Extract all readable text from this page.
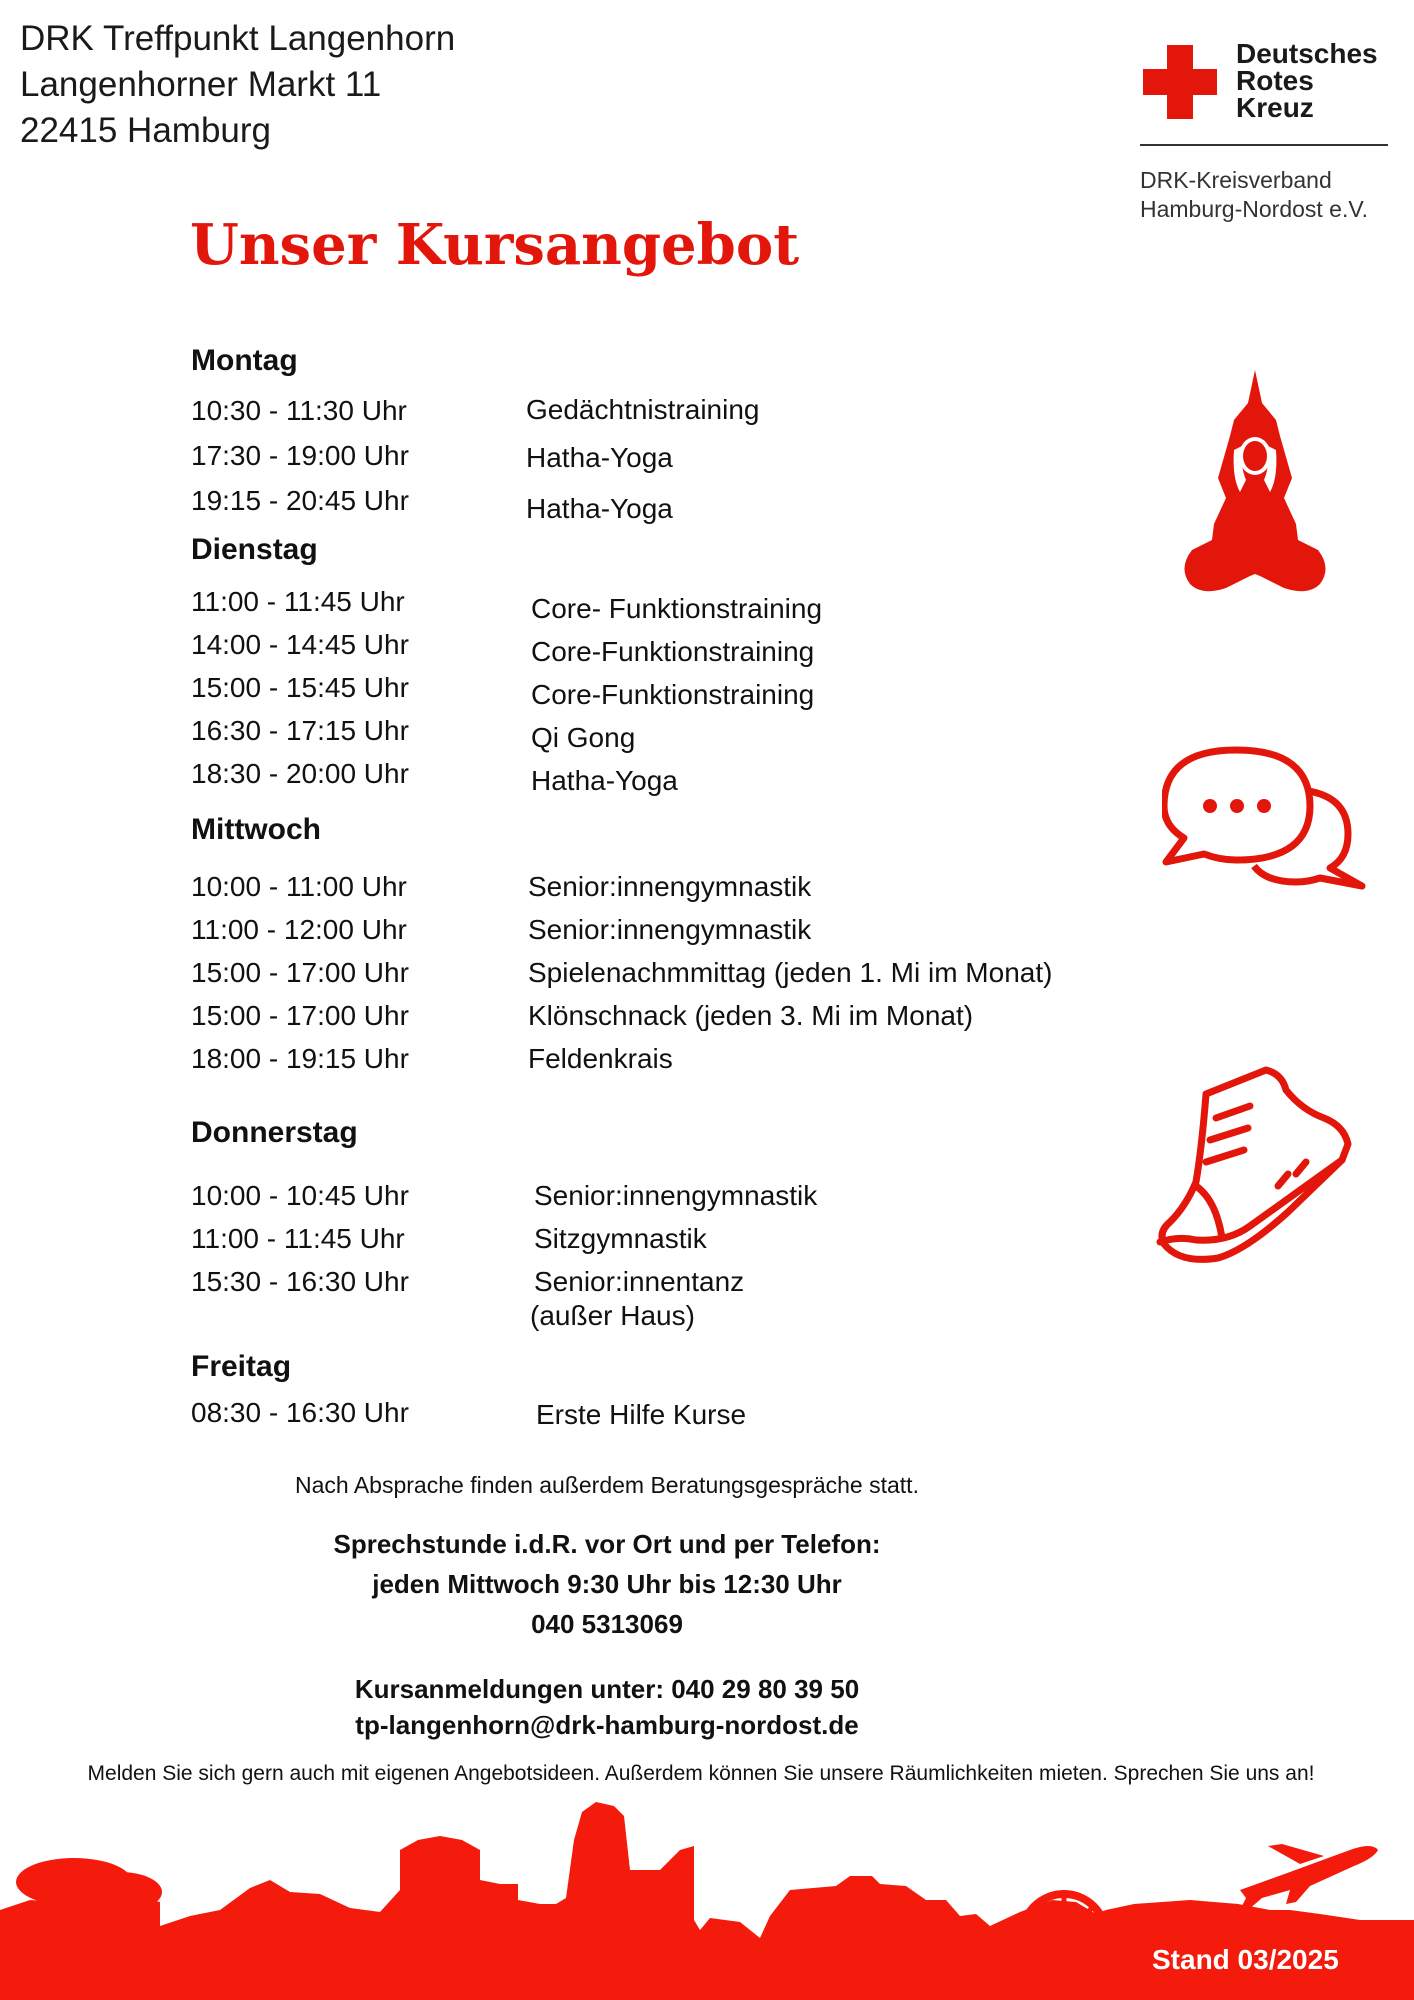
DRK Treffpunkt Langenhorn
Langenhorner Markt 11
22415 Hamburg
Deutsches
Rotes
Kreuz
DRK-Kreisverband
Hamburg-Nordost e.V.
Unser Kursangebot
Montag
10:30 - 11:30 Uhr	Gedächtnistraining
17:30 - 19:00 Uhr	Hatha-Yoga
19:15 - 20:45 Uhr	Hatha-Yoga
Dienstag
11:00 - 11:45 Uhr	Core- Funktionstraining
14:00 - 14:45 Uhr	Core-Funktionstraining
15:00 - 15:45 Uhr	Core-Funktionstraining
16:30 - 17:15 Uhr	Qi Gong
18:30 - 20:00 Uhr	Hatha-Yoga
Mittwoch
10:00 - 11:00 Uhr	Senior:innengymnastik
11:00 - 12:00 Uhr	Senior:innengymnastik
15:00 - 17:00 Uhr	Spielenachmmittag (jeden 1. Mi im Monat)
15:00 - 17:00 Uhr	Klönschnack (jeden 3. Mi im Monat)
18:00 - 19:15 Uhr	Feldenkrais
Donnerstag
10:00 - 10:45 Uhr	Senior:innengymnastik
11:00 - 11:45 Uhr	Sitzgymnastik
15:30 - 16:30 Uhr	Senior:innentanz
(außer Haus)
Freitag
08:30 - 16:30 Uhr	Erste Hilfe Kurse
Nach Absprache finden außerdem Beratungsgespräche statt.
Sprechstunde i.d.R. vor Ort und per Telefon:
jeden Mittwoch 9:30 Uhr bis 12:30 Uhr
040 5313069
Kursanmeldungen unter: 040 29 80 39 50
tp-langenhorn@drk-hamburg-nordost.de
Melden Sie sich gern auch mit eigenen Angebotsideen. Außerdem können Sie unsere Räumlichkeiten mieten. Sprechen Sie uns an!
Stand 03/2025
